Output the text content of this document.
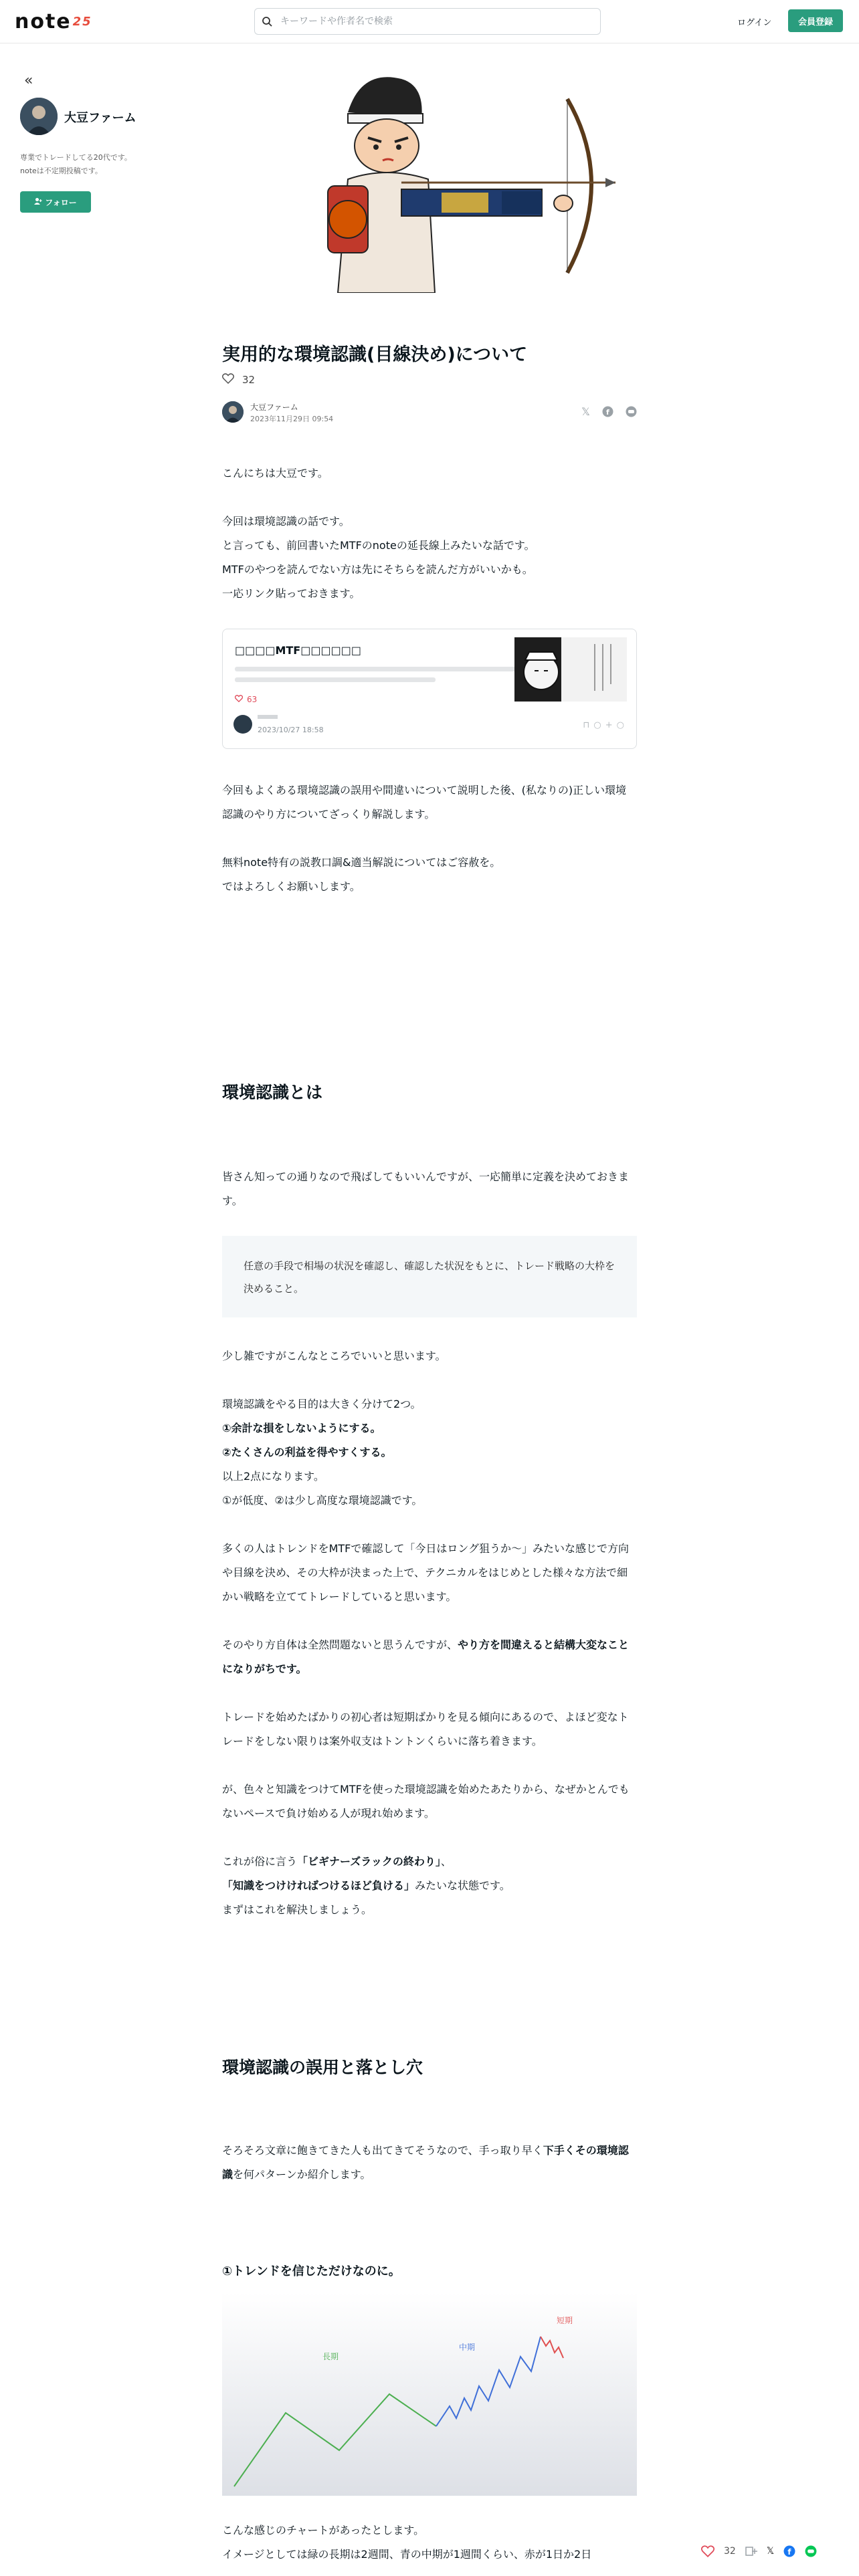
note 25
キーワードや作者名で検索	ログイン	会員登録
«
大豆ファーム
専業でトレードしてる20代です。
noteは不定期投稿です。
フォロー
実用的な環境認識(目線決め)について
32
大豆ファーム
2023年11月29日 09:54
𝕏 f

こんにちは大豆です。

今回は環境認識の話です。
と言っても、前回書いたMTFのnoteの延長線上みたいな話です。
MTFのやつを読んでない方は先にそちらを読んだ方がいいかも。
一応リンク貼っておきます。
□□□□MTF□□□□□□
63
2023/10/27 18:58	⊓ ○ + ○

今回もよくある環境認識の誤用や間違いについて説明した後、(私なりの)正しい環境認識のやり方についてざっくり解説します。

無料note特有の説教口調&適当解説についてはご容赦を。
ではよろしくお願いします。
環境認識とは

皆さん知っての通りなので飛ばしてもいいんですが、一応簡単に定義を決めておきます。

任意の手段で相場の状況を確認し、確認した状況をもとに、トレード戦略の大枠を決めること。

少し雑ですがこんなところでいいと思います。

環境認識をやる目的は大きく分けて2つ。
①余計な損をしないようにする。
②たくさんの利益を得やすくする。
以上2点になります。
①が低度、②は少し高度な環境認識です。

多くの人はトレンドをMTFで確認して「今日はロング狙うか〜」みたいな感じで方向や目線を決め、その大枠が決まった上で、テクニカルをはじめとした様々な方法で細かい戦略を立ててトレードしていると思います。

そのやり方自体は全然問題ないと思うんですが、やり方を間違えると結構大変なことになりがちです。

トレードを始めたばかりの初心者は短期ばかりを見る傾向にあるので、よほど変なトレードをしない限りは案外収支はトントンくらいに落ち着きます。

が、色々と知識をつけてMTFを使った環境認識を始めたあたりから、なぜかとんでもないペースで負け始める人が現れ始めます。

これが俗に言う「ビギナーズラックの終わり」、「知識をつけければつけるほど負ける」みたいな状態です。
まずはこれを解決しましょう。
環境認識の誤用と落とし穴

そろそろ文章に飽きてきた人も出てきてそうなので、手っ取り早く下手くその環境認識を何パターンか紹介します。

①トレンドを信じただけなのに。
長期
中期
短期
こんな感じのチャートがあったとします。
イメージとしては緑の長期は2週間、青の中期が1週間くらい、赤が1日か2日	32	𝕏 f
